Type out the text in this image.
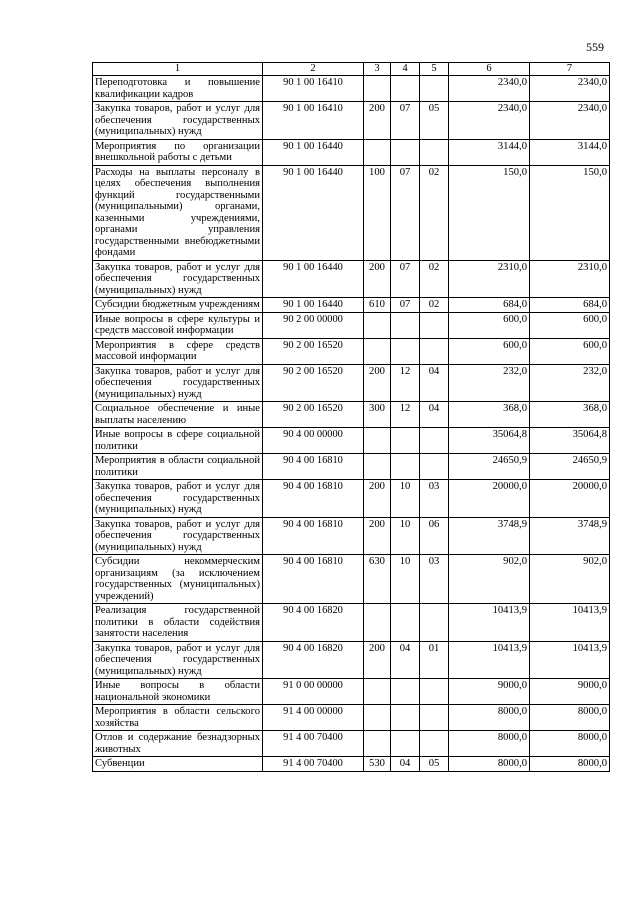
559
1	2	3	4	5	6	7
Переподготовка и повышение квалификации кадров	90 1 00 16410				2340,0	2340,0
Закупка товаров, работ и услуг для обеспечения государственных (муниципальных) нужд	90 1 00 16410	200	07	05	2340,0	2340,0
Мероприятия по организации внешкольной работы с детьми	90 1 00 16440				3144,0	3144,0
Расходы на выплаты персоналу в целях обеспечения выполнения функций государственными (муниципальными) органами, казенными учреждениями, органами управления государственными внебюджетными фондами	90 1 00 16440	100	07	02	150,0	150,0
Закупка товаров, работ и услуг для обеспечения государственных (муниципальных) нужд	90 1 00 16440	200	07	02	2310,0	2310,0
Субсидии бюджетным учреждениям	90 1 00 16440	610	07	02	684,0	684,0
Иные вопросы в сфере культуры и средств массовой информации	90 2 00 00000				600,0	600,0
Мероприятия в сфере средств массовой информации	90 2 00 16520				600,0	600,0
Закупка товаров, работ и услуг для обеспечения государственных (муниципальных) нужд	90 2 00 16520	200	12	04	232,0	232,0
Социальное обеспечение и иные выплаты населению	90 2 00 16520	300	12	04	368,0	368,0
Иные вопросы в сфере социальной политики	90 4 00 00000				35064,8	35064,8
Мероприятия в области социальной политики	90 4 00 16810				24650,9	24650,9
Закупка товаров, работ и услуг для обеспечения государственных (муниципальных) нужд	90 4 00 16810	200	10	03	20000,0	20000,0
Закупка товаров, работ и услуг для обеспечения государственных (муниципальных) нужд	90 4 00 16810	200	10	06	3748,9	3748,9
Субсидии некоммерческим организациям (за исключением государственных (муниципальных) учреждений)	90 4 00 16810	630	10	03	902,0	902,0
Реализация государственной политики в области содействия занятости населения	90 4 00 16820				10413,9	10413,9
Закупка товаров, работ и услуг для обеспечения государственных (муниципальных) нужд	90 4 00 16820	200	04	01	10413,9	10413,9
Иные вопросы в области национальной экономики	91 0 00 00000				9000,0	9000,0
Мероприятия в области сельского хозяйства	91 4 00 00000				8000,0	8000,0
Отлов и содержание безнадзорных животных	91 4 00 70400				8000,0	8000,0
Субвенции	91 4 00 70400	530	04	05	8000,0	8000,0
